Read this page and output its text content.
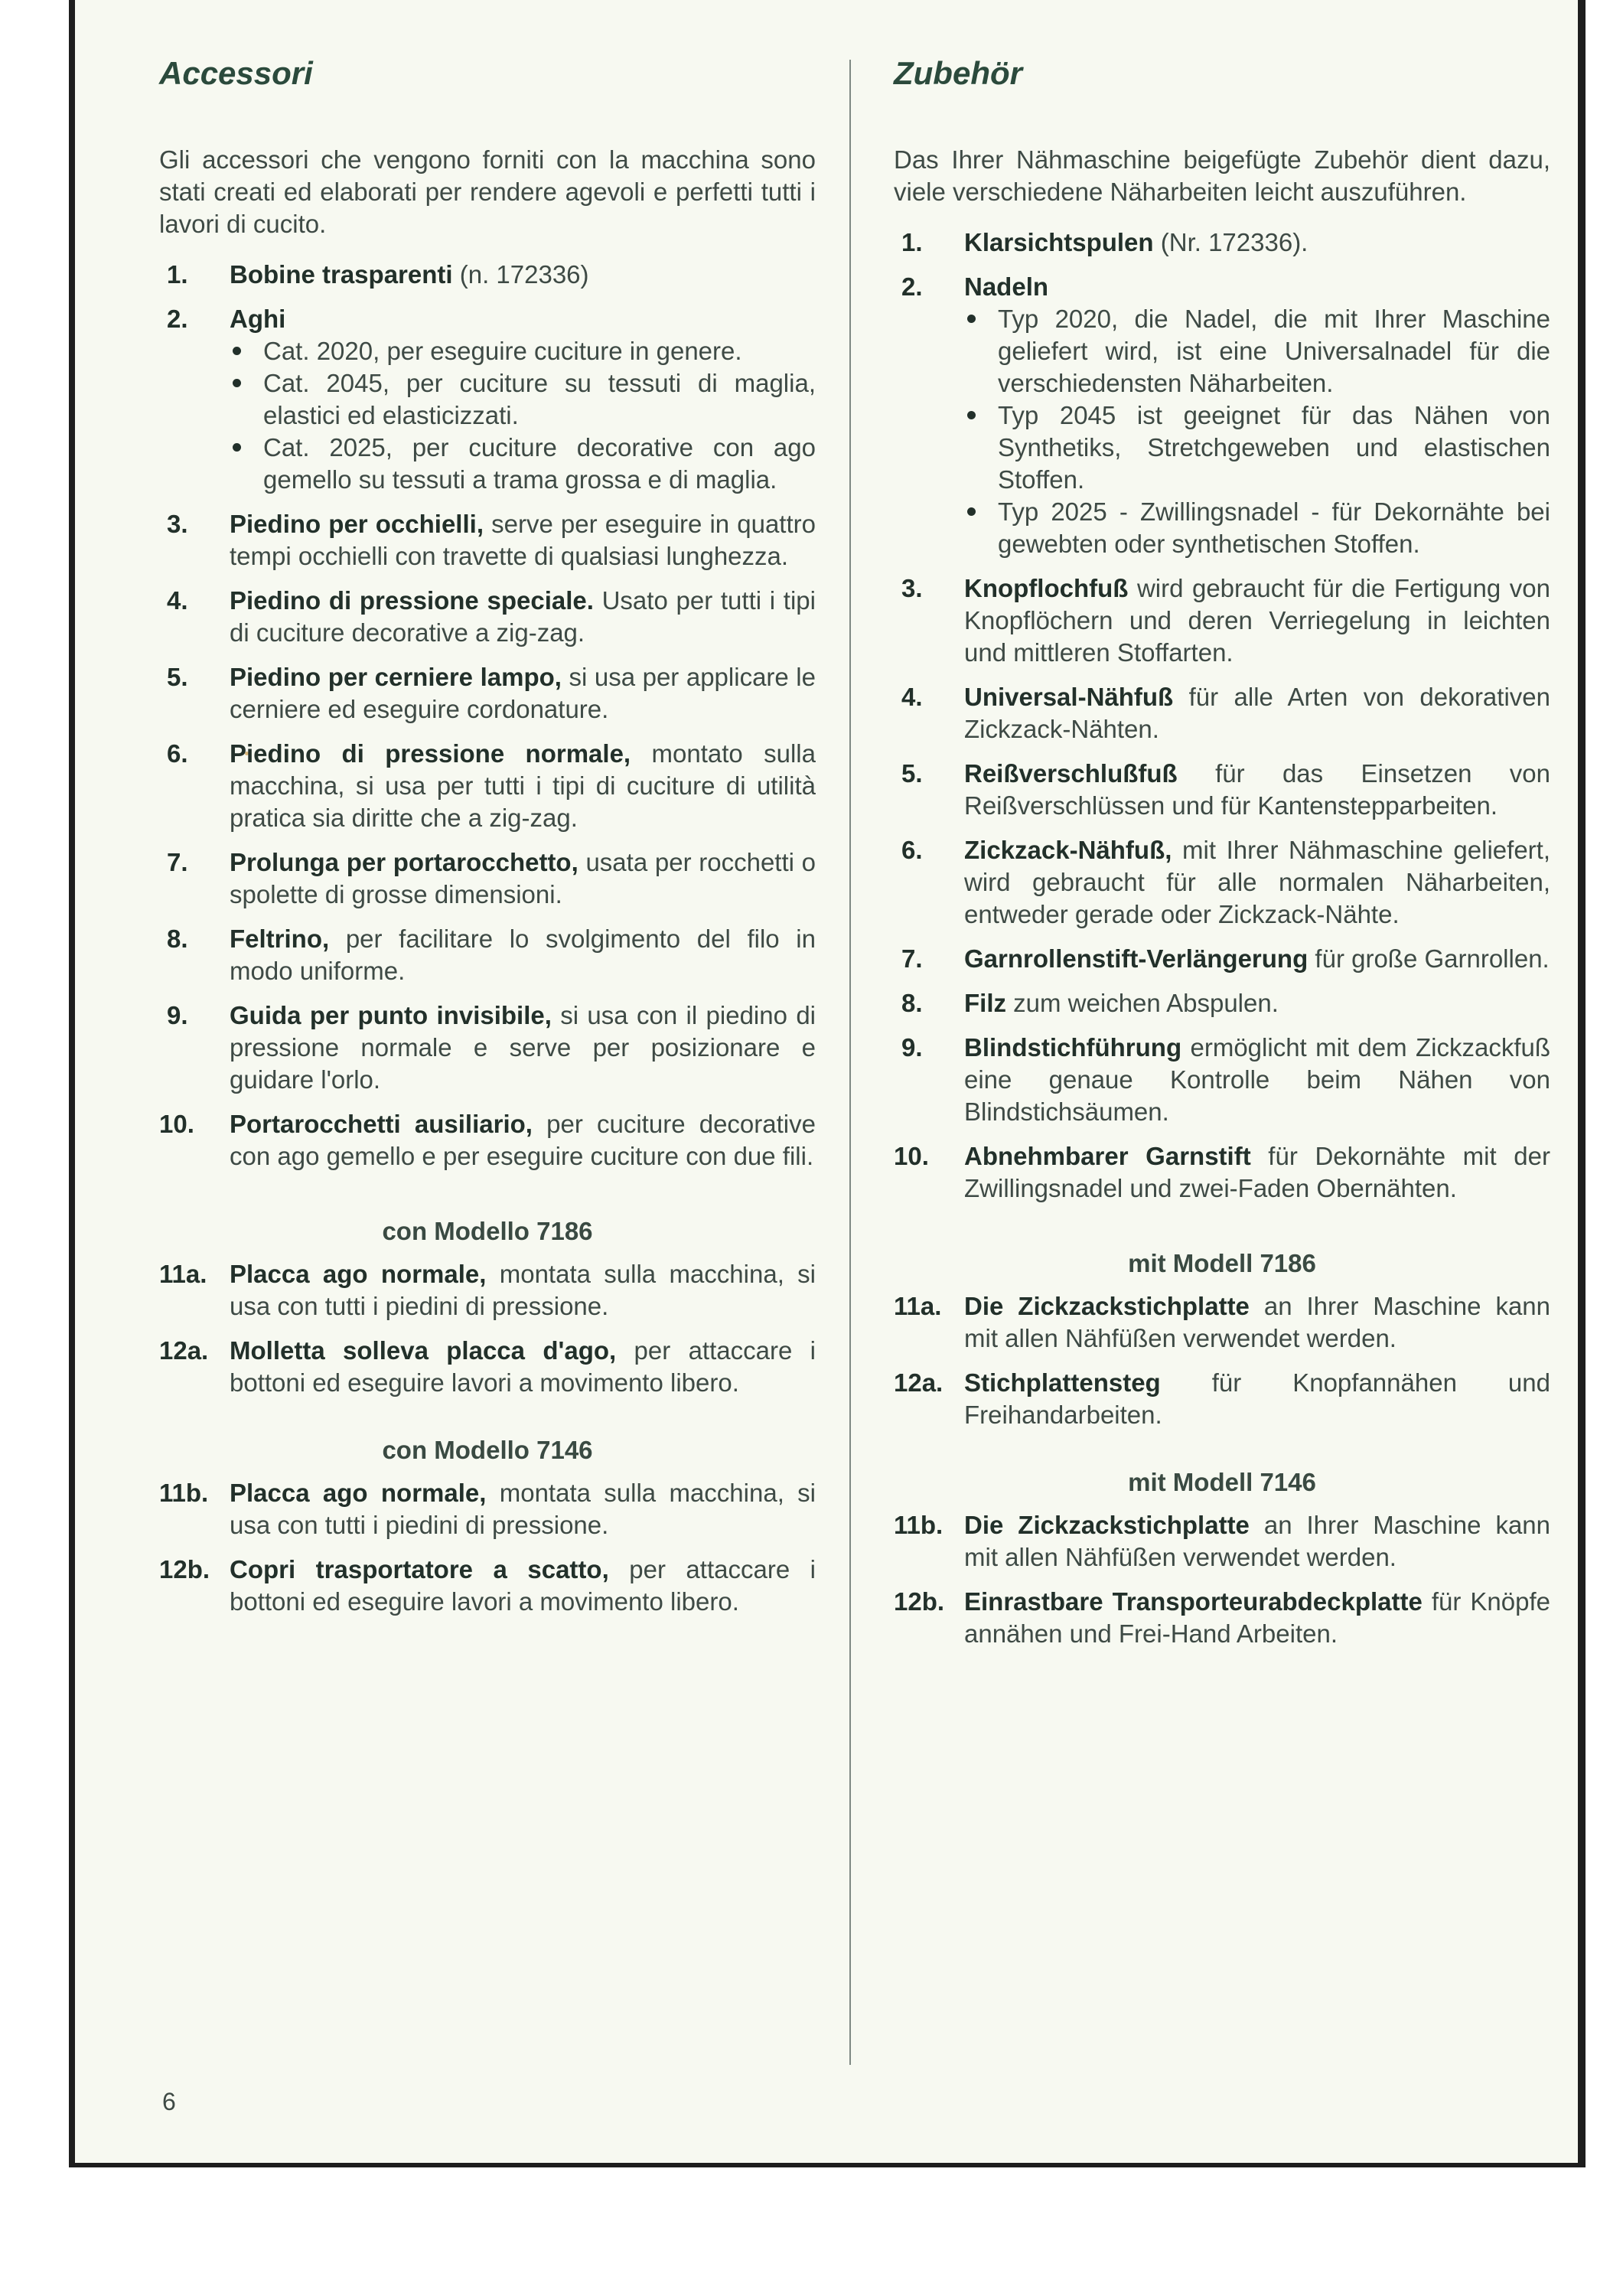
Accessori

Gli accessori che vengono forniti con la macchina sono stati creati ed elaborati per rendere agevoli e perfetti tutti i lavori di cucito.

1.	Bobine trasparenti (n. 172336)
2.	Aghi
Cat. 2020, per eseguire cuciture in genere.
Cat. 2045, per cuciture su tessuti di maglia, elastici ed elasticizzati.
Cat. 2025, per cuciture decorative con ago gemello su tessuti a trama grossa e di maglia.
3.	Piedino per occhielli, serve per eseguire in quattro tempi occhielli con travette di qualsiasi lunghezza.
4.	Piedino di pressione speciale. Usato per tutti i tipi di cuciture decorative a zig-zag.
5.	Piedino per cerniere lampo, si usa per applicare le cerniere ed eseguire cordonature.
6.	Piedino di pressione normale, montato sulla macchina, si usa per tutti i tipi di cuciture di utilità pratica sia diritte che a zig-zag.
7.	Prolunga per portarocchetto, usata per rocchetti o spolette di grosse dimensioni.
8.	Feltrino, per facilitare lo svolgimento del filo in modo uniforme.
9.	Guida per punto invisibile, si usa con il piedino di pressione normale e serve per posizionare e guidare l'orlo.
10.	Portarocchetti ausiliario, per cuciture decorative con ago gemello e per eseguire cuciture con due fili.
con Modello 7186
11a. Placca ago normale, montata sulla macchina, si usa con tutti i piedini di pressione.
12a. Molletta solleva placca d'ago, per attaccare i bottoni ed eseguire lavori a movimento libero.
con Modello 7146
11b. Placca ago normale, montata sulla macchina, si usa con tutti i piedini di pressione.
12b. Copri trasportatore a scatto, per attaccare i bottoni ed eseguire lavori a movimento libero.
Zubehör

Das Ihrer Nähmaschine beigefügte Zubehör dient dazu, viele verschiedene Näharbeiten leicht auszuführen.

1.	Klarsichtspulen (Nr. 172336).
2.	Nadeln
Typ 2020, die Nadel, die mit Ihrer Maschine geliefert wird, ist eine Universalnadel für die verschiedensten Näharbeiten.
Typ 2045 ist geeignet für das Nähen von Synthetiks, Stretchgeweben und elastischen Stoffen.
Typ 2025 - Zwillingsnadel - für Dekornähte bei gewebten oder synthetischen Stoffen.
3.	Knopflochfuß wird gebraucht für die Fertigung von Knopflöchern und deren Verriegelung in leichten und mittleren Stoffarten.
4.	Universal-Nähfuß für alle Arten von dekorativen Zickzack-Nähten.
5.	Reißverschlußfuß für das Einsetzen von Reißverschlüssen und für Kantenstepparbeiten.
6.	Zickzack-Nähfuß, mit Ihrer Nähmaschine geliefert, wird gebraucht für alle normalen Näharbeiten, entweder gerade oder Zickzack-Nähte.
7.	Garnrollenstift-Verlängerung für große Garnrollen.
8.	Filz zum weichen Abspulen.
9.	Blindstichführung ermöglicht mit dem Zickzackfuß eine genaue Kontrolle beim Nähen von Blindstichsäumen.
10.	Abnehmbarer Garnstift für Dekornähte mit der Zwillingsnadel und zwei-Faden Obernähten.
mit Modell 7186
11a. Die Zickzackstichplatte an Ihrer Maschine kann mit allen Nähfüßen verwendet werden.
12a. Stichplattensteg für Knopfannähen und Freihandarbeiten.
mit Modell 7146
11b. Die Zickzackstichplatte an Ihrer Maschine kann mit allen Nähfüßen verwendet werden.
12b. Einrastbare Transporteurabdeckplatte für Knöpfe annähen und Frei-Hand Arbeiten.
6
